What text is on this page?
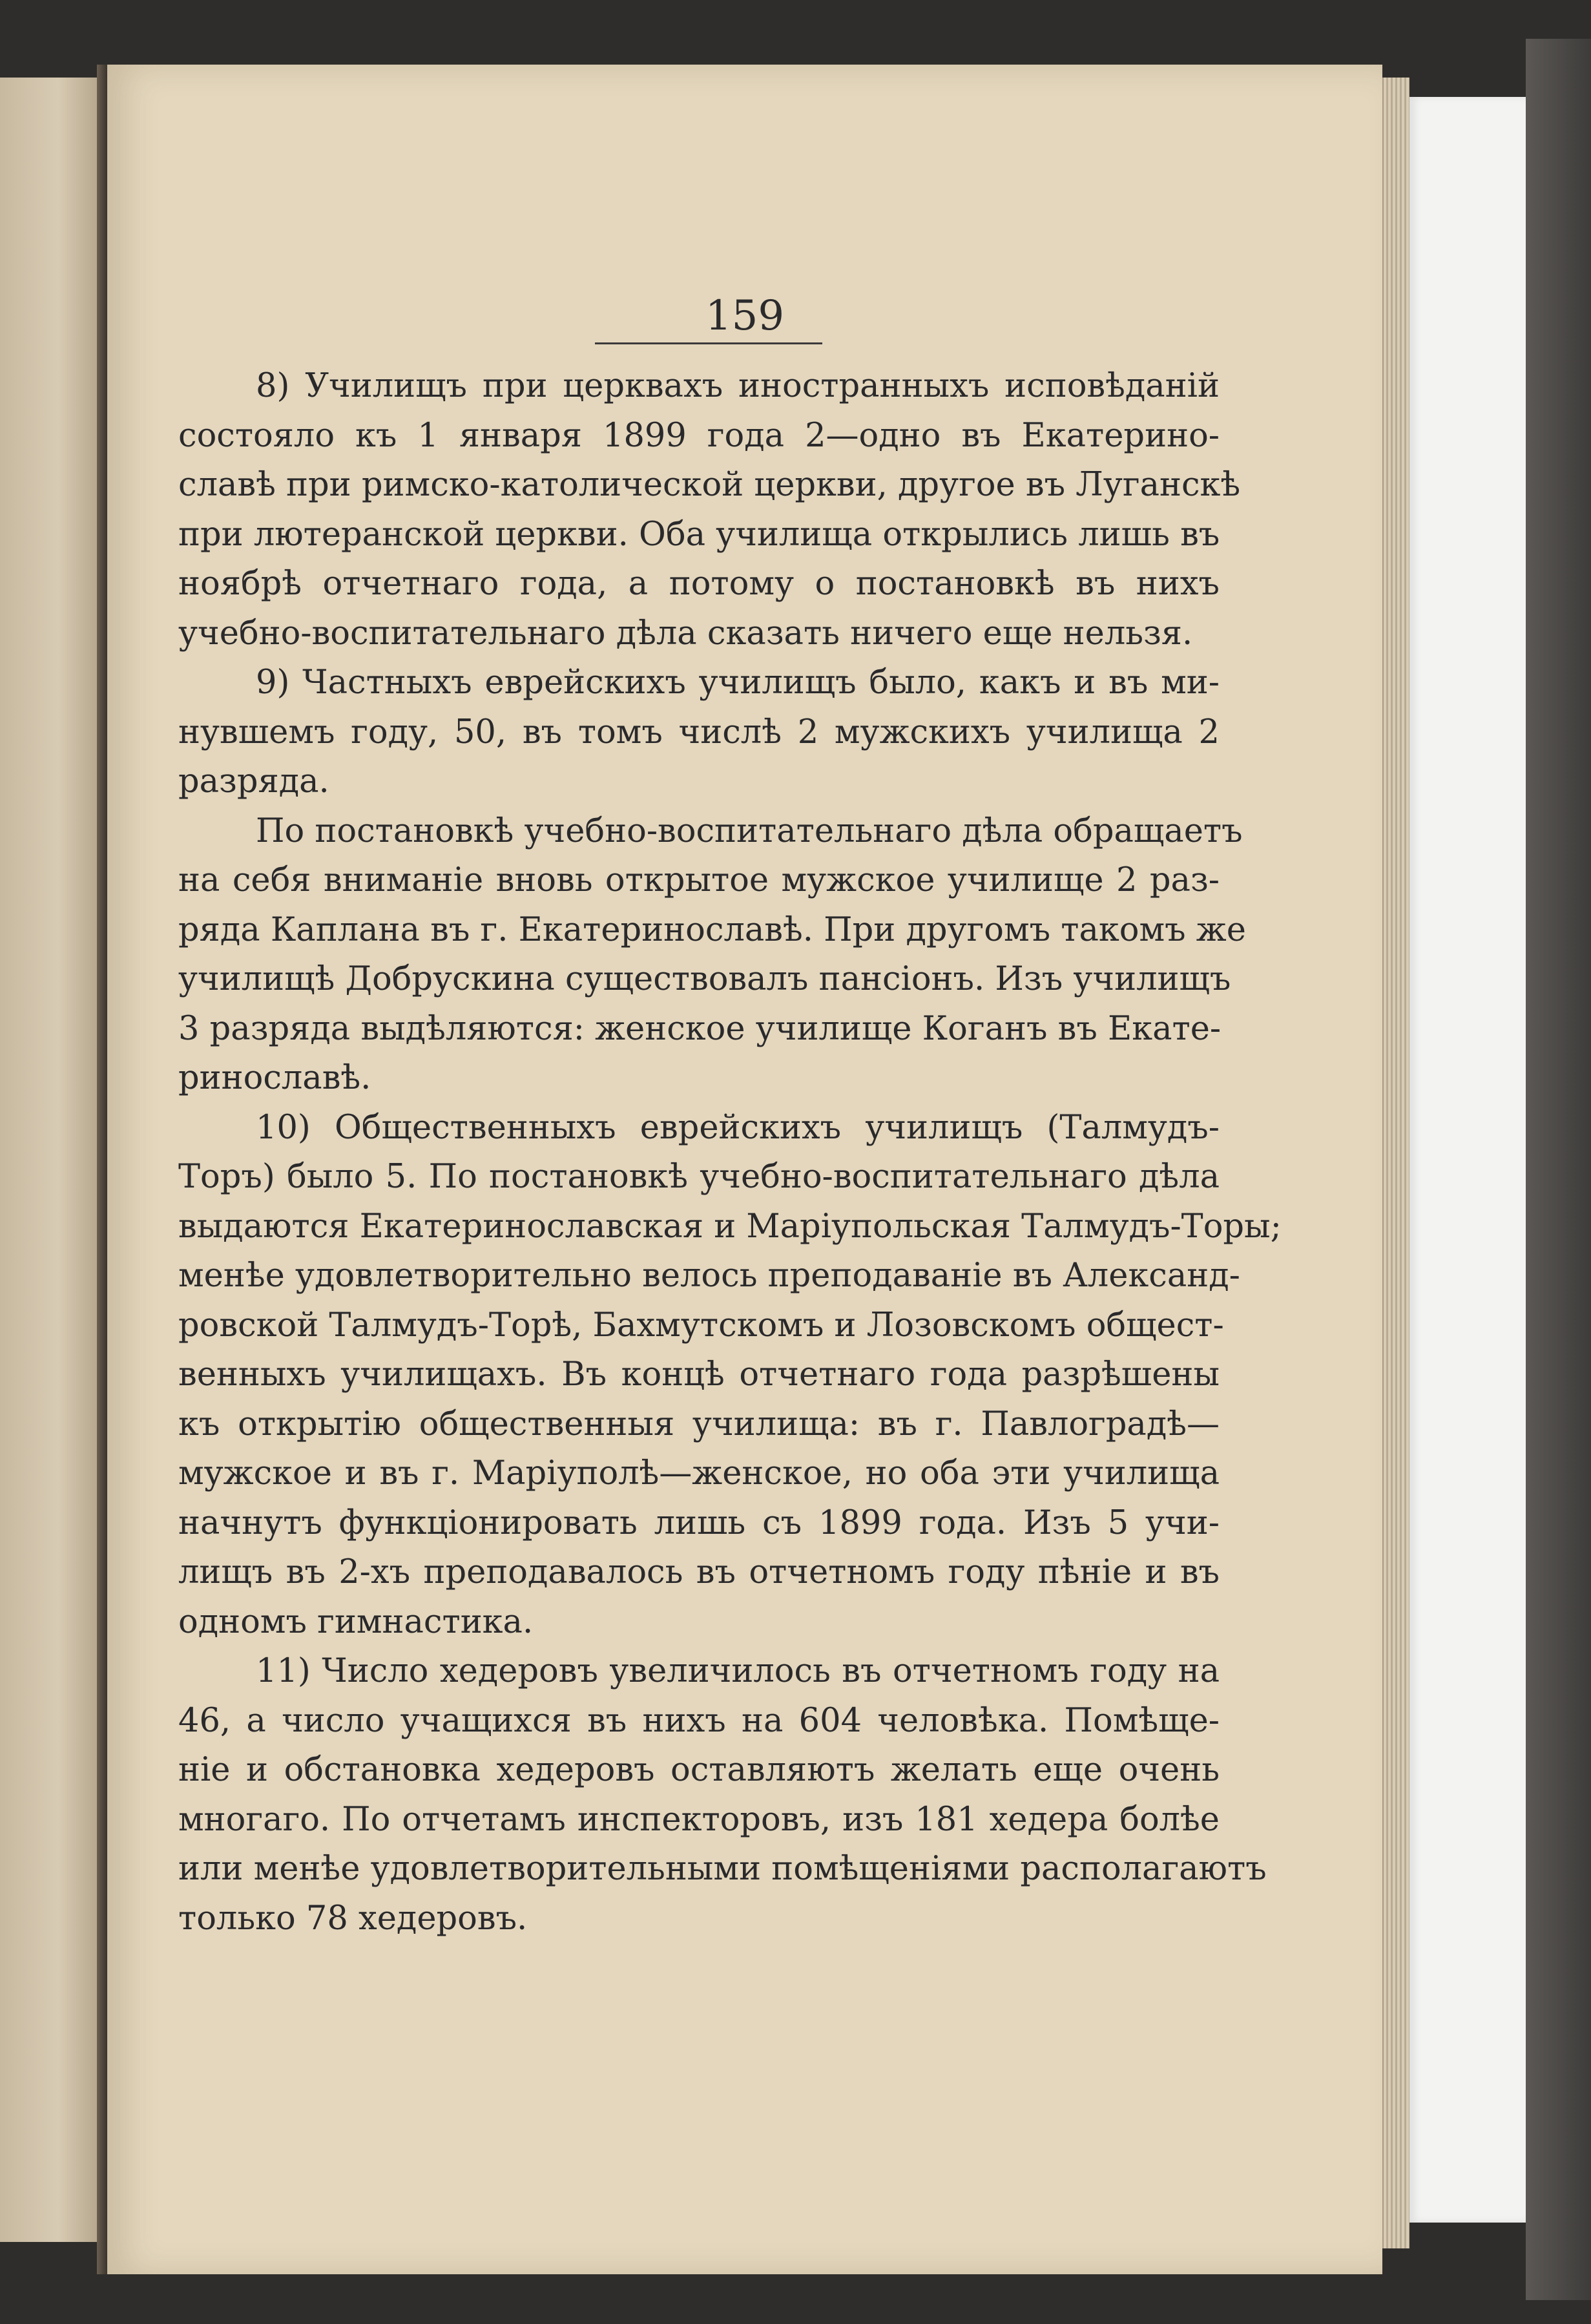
159
8) Училищъ при церквахъ иностранныхъ исповѣданій
состояло къ 1 января 1899 года 2—одно въ Екатерино-
славѣ при римско-католической церкви, другое въ Луганскѣ
при лютеранской церкви. Оба училища открылись лишь въ
ноябрѣ отчетнаго года, а потому о постановкѣ въ нихъ
учебно-воспитательнаго дѣла сказать ничего еще нельзя.
9) Частныхъ еврейскихъ училищъ было, какъ и въ ми-
нувшемъ году, 50, въ томъ числѣ 2 мужскихъ училища 2
разряда.
По постановкѣ учебно-воспитательнаго дѣла обращаетъ
на себя вниманіе вновь открытое мужское училище 2 раз-
ряда Каплана въ г. Екатеринославѣ. При другомъ такомъ же
училищѣ Добрускина существовалъ пансіонъ. Изъ училищъ
3 разряда выдѣляются: женское училище Коганъ въ Екате-
ринославѣ.
10) Общественныхъ еврейскихъ училищъ (Талмудъ-
Торъ) было 5. По постановкѣ учебно-воспитательнаго дѣла
выдаются Екатеринославская и Маріупольская Талмудъ-Торы;
менѣе удовлетворительно велось преподаваніе въ Александ-
ровской Талмудъ-Торѣ, Бахмутскомъ и Лозовскомъ общест-
венныхъ училищахъ. Въ концѣ отчетнаго года разрѣшены
къ открытію общественныя училища: въ г. Павлоградѣ—
мужское и въ г. Маріуполѣ—женское, но оба эти училища
начнутъ функціонировать лишь съ 1899 года. Изъ 5 учи-
лищъ въ 2-хъ преподавалось въ отчетномъ году пѣніе и въ
одномъ гимнастика.
11) Число хедеровъ увеличилось въ отчетномъ году на
46, а число учащихся въ нихъ на 604 человѣка. Помѣще-
ніе и обстановка хедеровъ оставляютъ желать еще очень
многаго. По отчетамъ инспекторовъ, изъ 181 хедера болѣе
или менѣе удовлетворительными помѣщеніями располагаютъ
только 78 хедеровъ.
